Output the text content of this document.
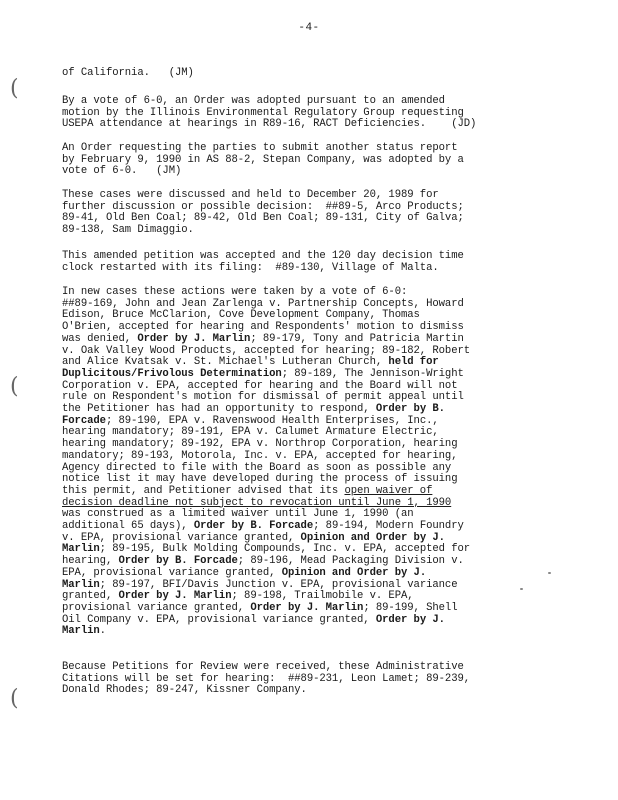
-4-
(
(
(
of California.   (JM)
By a vote of 6-0, an Order was adopted pursuant to an amended
motion by the Illinois Environmental Regulatory Group requesting
USEPA attendance at hearings in R89-16, RACT Deficiencies.    (JD)
An Order requesting the parties to submit another status report
by February 9, 1990 in AS 88-2, Stepan Company, was adopted by a
vote of 6-0.   (JM)
These cases were discussed and held to December 20, 1989 for
further discussion or possible decision:  ##89-5, Arco Products;
89-41, Old Ben Coal; 89-42, Old Ben Coal; 89-131, City of Galva;
89-138, Sam Dimaggio.
This amended petition was accepted and the 120 day decision time
clock restarted with its filing:  #89-130, Village of Malta.
In new cases these actions were taken by a vote of 6-0:
##89-169, John and Jean Zarlenga v. Partnership Concepts, Howard
Edison, Bruce McClarion, Cove Development Company, Thomas
O'Brien, accepted for hearing and Respondents' motion to dismiss
was denied, Order by J. Marlin; 89-179, Tony and Patricia Martin
v. Oak Valley Wood Products, accepted for hearing; 89-182, Robert
and Alice Kvatsak v. St. Michael's Lutheran Church, held for
Duplicitous/Frivolous Determination; 89-189, The Jennison-Wright
Corporation v. EPA, accepted for hearing and the Board will not
rule on Respondent's motion for dismissal of permit appeal until
the Petitioner has had an opportunity to respond, Order by B.
Forcade; 89-190, EPA v. Ravenswood Health Enterprises, Inc.,
hearing mandatory; 89-191, EPA v. Calumet Armature Electric,
hearing mandatory; 89-192, EPA v. Northrop Corporation, hearing
mandatory; 89-193, Motorola, Inc. v. EPA, accepted for hearing,
Agency directed to file with the Board as soon as possible any
notice list it may have developed during the process of issuing
this permit, and Petitioner advised that its open waiver of
decision deadline not subject to revocation until June 1, 1990
was construed as a limited waiver until June 1, 1990 (an
additional 65 days), Order by B. Forcade; 89-194, Modern Foundry
v. EPA, provisional variance granted, Opinion and Order by J.
Marlin; 89-195, Bulk Molding Compounds, Inc. v. EPA, accepted for
hearing, Order by B. Forcade; 89-196, Mead Packaging Division v.
EPA, provisional variance granted, Opinion and Order by J.
Marlin; 89-197, BFI/Davis Junction v. EPA, provisional variance
granted, Order by J. Marlin; 89-198, Trailmobile v. EPA,
provisional variance granted, Order by J. Marlin; 89-199, Shell
Oil Company v. EPA, provisional variance granted, Order by J.
Marlin.
Because Petitions for Review were received, these Administrative
Citations will be set for hearing:  ##89-231, Leon Lamet; 89-239,
Donald Rhodes; 89-247, Kissner Company.
